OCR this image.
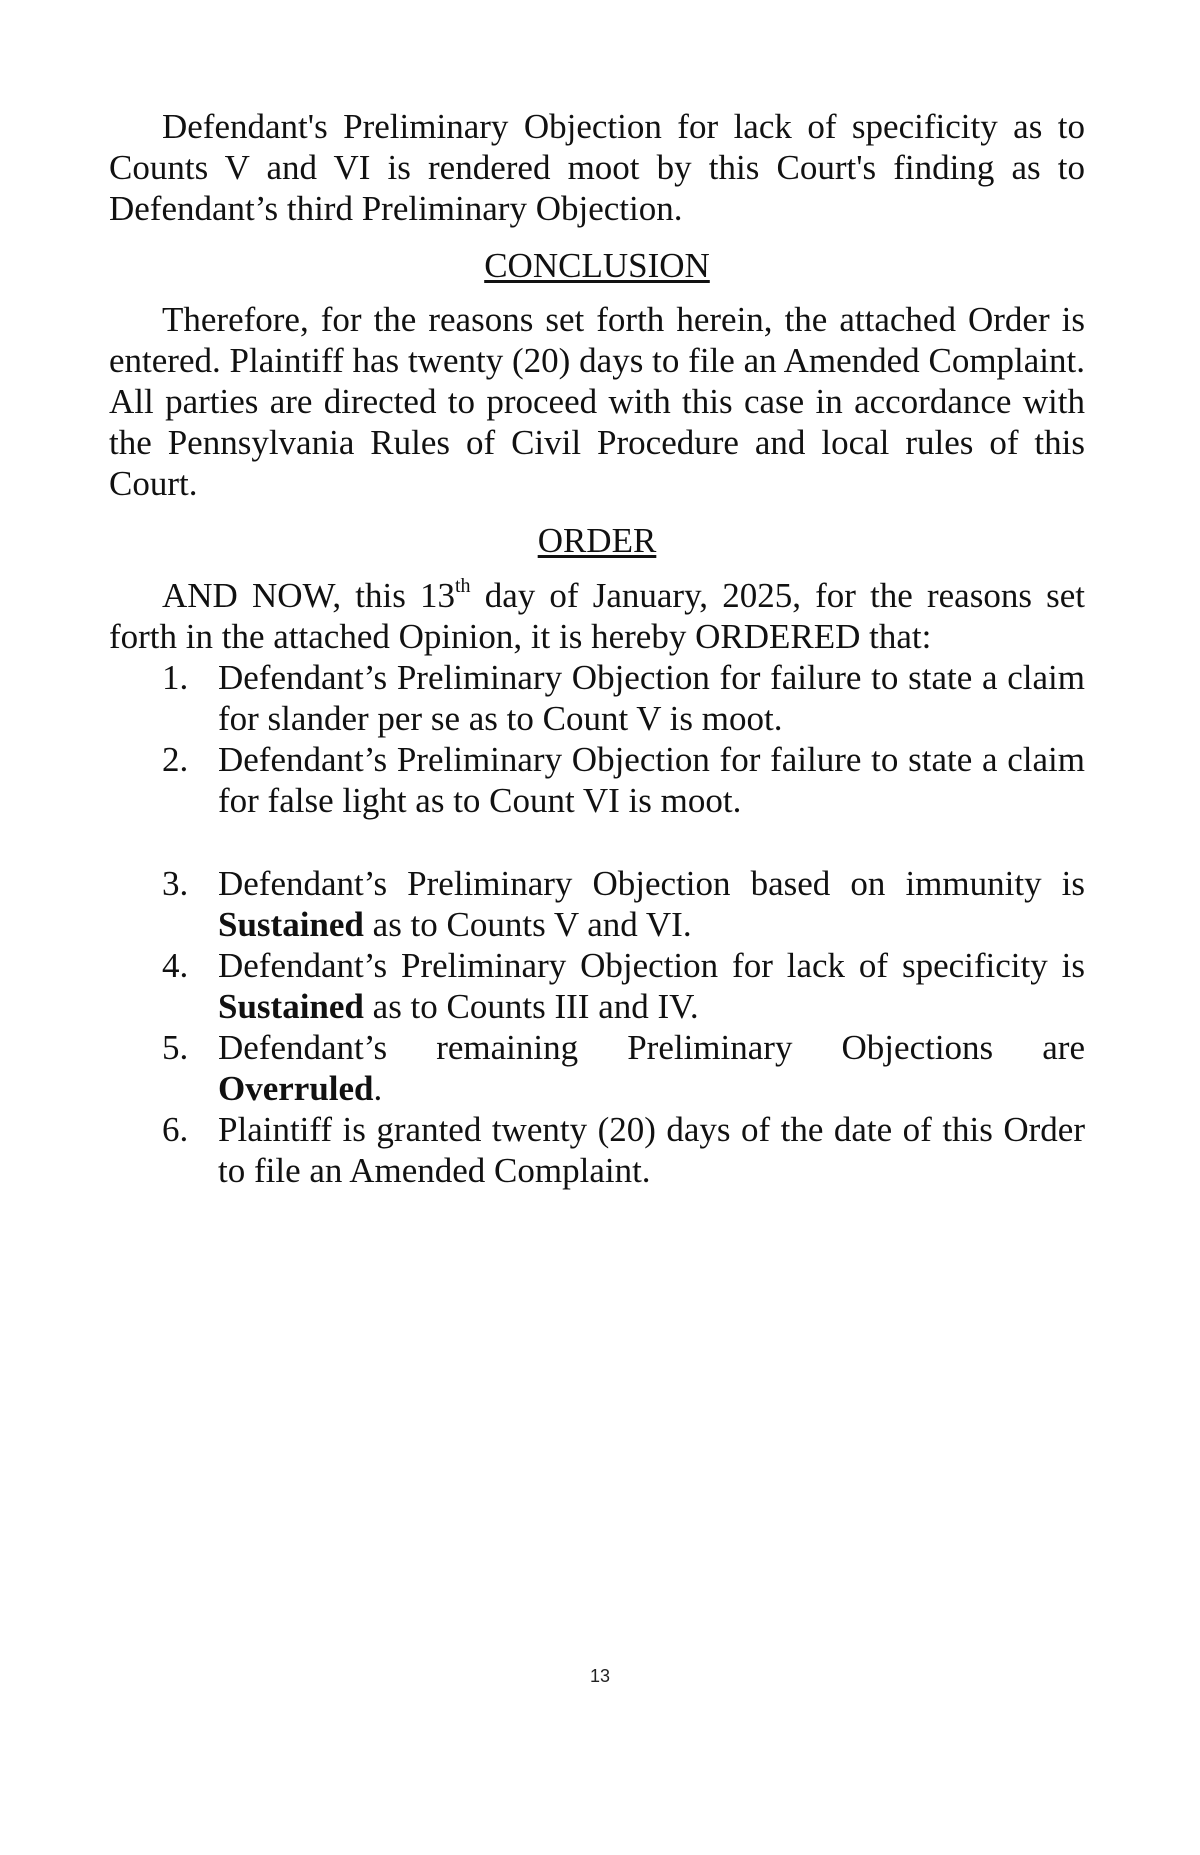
Defendant's Preliminary Objection for lack of specificity as to Counts V and VI is rendered moot by this Court's finding as to Defendant’s third Preliminary Objection.

CONCLUSION

Therefore, for the reasons set forth herein, the attached Order is entered. Plaintiff has twenty (20) days to file an Amended Complaint. All parties are directed to proceed with this case in accordance with the Pennsylvania Rules of Civil Procedure and local rules of this Court.

ORDER

AND NOW, this 13th day of January, 2025, for the reasons set forth in the attached Opinion, it is hereby ORDERED that:

1. Defendant’s Preliminary Objection for failure to state a claim for slander per se as to Count V is moot.
2. Defendant’s Preliminary Objection for failure to state a claim for false light as to Count VI is moot.
3. Defendant’s Preliminary Objection based on immunity is Sustained as to Counts V and VI.
4. Defendant’s Preliminary Objection for lack of specificity is Sustained as to Counts III and IV.
5. Defendant’s remaining Preliminary Objections are Overruled.
6. Plaintiff is granted twenty (20) days of the date of this Order to file an Amended Complaint.
13
